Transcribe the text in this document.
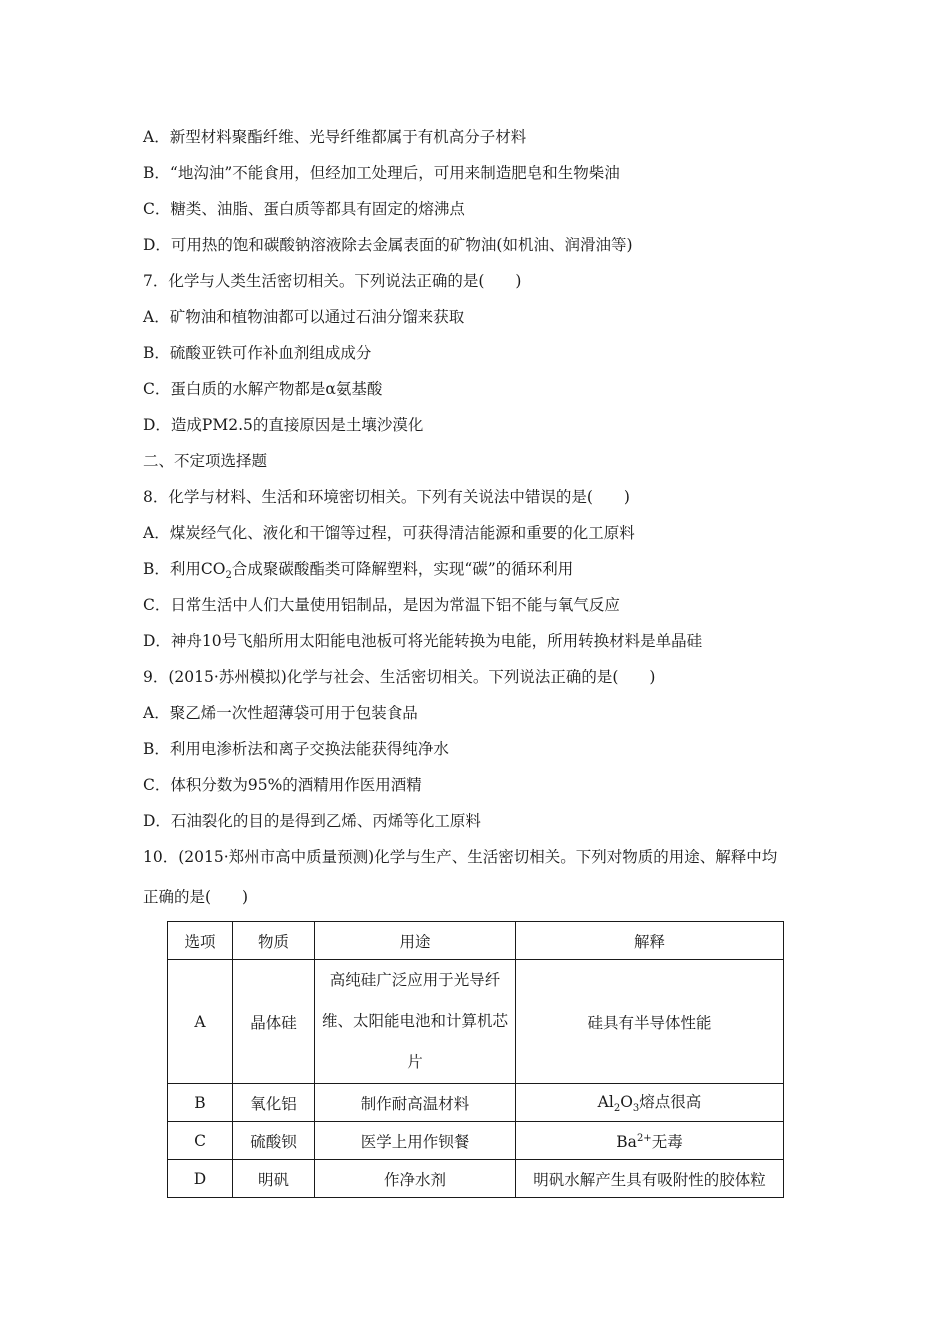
A．新型材料聚酯纤维、光导纤维都属于有机高分子材料
B．“地沟油”不能食用，但经加工处理后，可用来制造肥皂和生物柴油
C．糖类、油脂、蛋白质等都具有固定的熔沸点
D．可用热的饱和碳酸钠溶液除去金属表面的矿物油(如机油、润滑油等)
7．化学与人类生活密切相关。下列说法正确的是(　　)
A．矿物油和植物油都可以通过石油分馏来获取
B．硫酸亚铁可作补血剂组成成分
C．蛋白质的水解产物都是α氨基酸
D．造成PM2.5的直接原因是土壤沙漠化
二、不定项选择题
8．化学与材料、生活和环境密切相关。下列有关说法中错误的是(　　)
A．煤炭经气化、液化和干馏等过程，可获得清洁能源和重要的化工原料
B．利用$CO_2$合成聚碳酸酯类可降解塑料，实现“碳”的循环利用
C．日常生活中人们大量使用铝制品，是因为常温下铝不能与氧气反应
D．神舟10号飞船所用太阳能电池板可将光能转换为电能，所用转换材料是单晶硅
9．(2015·苏州模拟)化学与社会、生活密切相关。下列说法正确的是(　　)
A．聚乙烯一次性超薄袋可用于包装食品
B．利用电渗析法和离子交换法能获得纯净水
C．体积分数为95%的酒精用作医用酒精
D．石油裂化的目的是得到乙烯、丙烯等化工原料
10．(2015·郑州市高中质量预测)化学与生产、生活密切相关。下列对物质的用途、解释中均
正确的是(　　)
选项	物质	用途	解释
A	晶体硅	高纯硅广泛应用于光导纤维、太阳能电池和计算机芯片	硅具有半导体性能
B	氧化铝	制作耐高温材料	$Al_2O_3$熔点很高
C	硫酸钡	医学上用作钡餐	$Ba^{2+}$无毒
D	明矾	作净水剂	明矾水解产生具有吸附性的胶体粒
